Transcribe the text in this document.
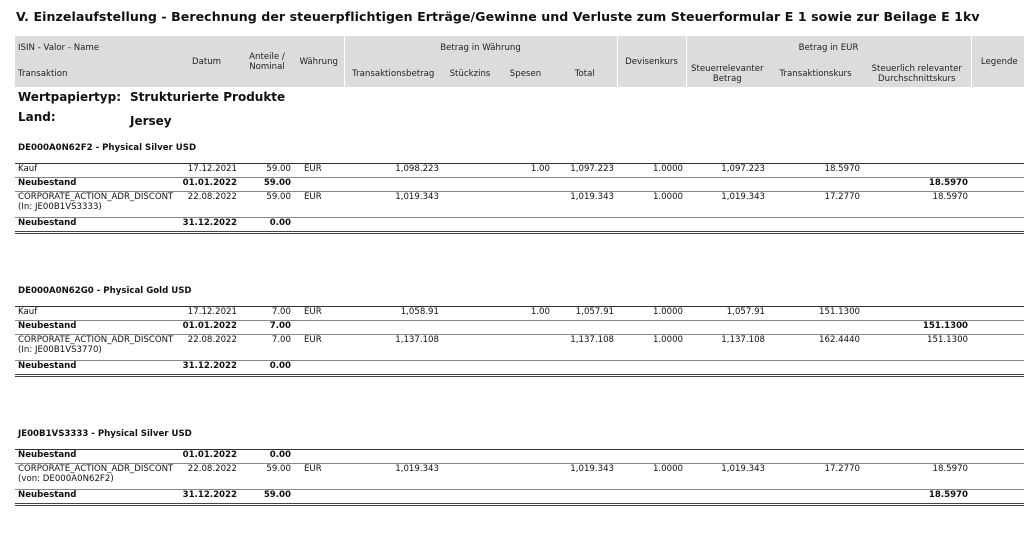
V. Einzelaufstellung - Berechnung der steuerpflichtigen Erträge/Gewinne und Verluste zum Steuerformular E 1 sowie zur Beilage E 1kv
ISIN - Valor - Name	Datum	Anteile / Nominal	Währung	Betrag in Währung				Devisenkurs	Betrag in EUR			Legende
Transaktion				Transaktionsbetrag	Stückzins	Spesen	Total		Steuerrelevanter Betrag	Transaktionskurs	Steuerlich relevanter Durchschnittskurs	
Wertpapiertyp: Strukturierte Produkte												
Land: Jersey												

DE000A0N62F2 - Physical Silver USD												

Kauf	17.12.2021	59.00	EUR	1,098.223		1.00	1,097.223	1.0000	1,097.223	18.5970		

Neubestand	01.01.2022	59.00									18.5970	

CORPORATE_ACTION_ADR_DISCONT
(In: JE00B1VS3333)	22.08.2022	59.00	EUR	1,019.343			1,019.343	1.0000	1,019.343	17.2770	18.5970	

Neubestand	31.12.2022	0.00										

DE000A0N62G0 - Physical Gold USD												

Kauf	17.12.2021	7.00	EUR	1,058.91		1.00	1,057.91	1.0000	1,057.91	151.1300		

Neubestand	01.01.2022	7.00									151.1300	

CORPORATE_ACTION_ADR_DISCONT
(In: JE00B1VS3770)	22.08.2022	7.00	EUR	1,137.108			1,137.108	1.0000	1,137.108	162.4440	151.1300	

Neubestand	31.12.2022	0.00										

JE00B1VS3333 - Physical Silver USD												

Neubestand	01.01.2022	0.00										

CORPORATE_ACTION_ADR_DISCONT
(von: DE000A0N62F2)	22.08.2022	59.00	EUR	1,019.343			1,019.343	1.0000	1,019.343	17.2770	18.5970	

Neubestand	31.12.2022	59.00									18.5970	
